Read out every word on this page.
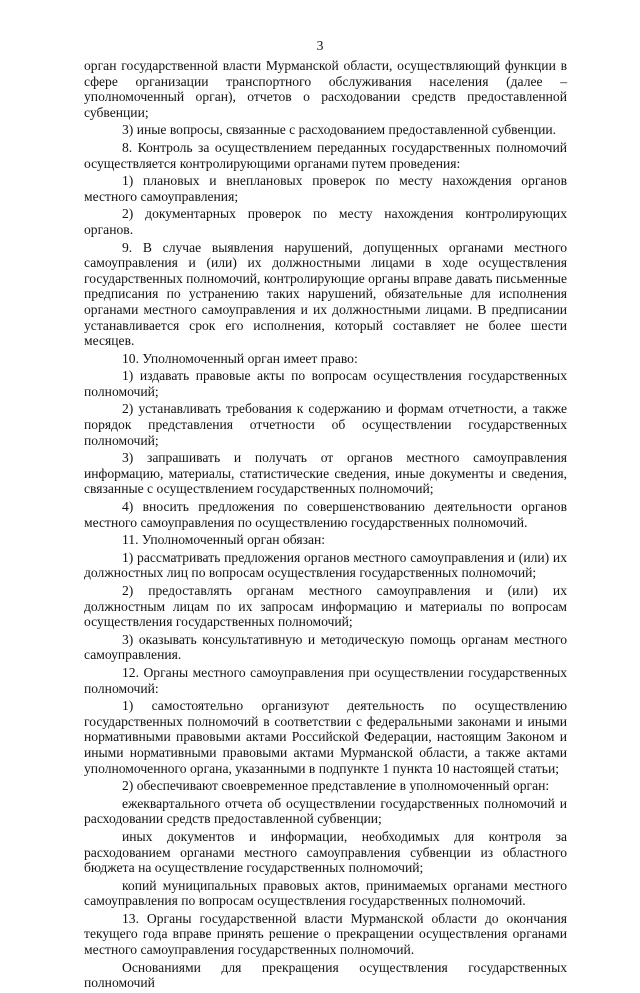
3

орган государственной власти Мурманской области, осуществляющий функции в сфере организации транспортного обслуживания населения (далее – уполномоченный орган), отчетов о расходовании средств предоставленной субвенции;

3) иные вопросы, связанные с расходованием предоставленной субвенции.

8. Контроль за осуществлением переданных государственных полномочий осуществляется контролирующими органами путем проведения:

1) плановых и внеплановых проверок по месту нахождения органов местного самоуправления;

2) документарных проверок по месту нахождения контролирующих органов.

9. В случае выявления нарушений, допущенных органами местного самоуправления и (или) их должностными лицами в ходе осуществления государственных полномочий, контролирующие органы вправе давать письменные предписания по устранению таких нарушений, обязательные для исполнения органами местного самоуправления и их должностными лицами. В предписании устанавливается срок его исполнения, который составляет не более шести месяцев.

10. Уполномоченный орган имеет право:

1) издавать правовые акты по вопросам осуществления государственных полномочий;

2) устанавливать требования к содержанию и формам отчетности, а также порядок представления отчетности об осуществлении государственных полномочий;

3) запрашивать и получать от органов местного самоуправления информацию, материалы, статистические сведения, иные документы и сведения, связанные с осуществлением государственных полномочий;

4) вносить предложения по совершенствованию деятельности органов местного самоуправления по осуществлению государственных полномочий.

11. Уполномоченный орган обязан:

1) рассматривать предложения органов местного самоуправления и (или) их должностных лиц по вопросам осуществления государственных полномочий;

2) предоставлять органам местного самоуправления и (или) их должностным лицам по их запросам информацию и материалы по вопросам осуществления государственных полномочий;

3) оказывать консультативную и методическую помощь органам местного самоуправления.

12. Органы местного самоуправления при осуществлении государственных полномочий:

1) самостоятельно организуют деятельность по осуществлению государственных полномочий в соответствии с федеральными законами и иными нормативными правовыми актами Российской Федерации, настоящим Законом и иными нормативными правовыми актами Мурманской области, а также актами уполномоченного органа, указанными в подпункте 1 пункта 10 настоящей статьи;

2) обеспечивают своевременное представление в уполномоченный орган:

ежеквартального отчета об осуществлении государственных полномочий и расходовании средств предоставленной субвенции;

иных документов и информации, необходимых для контроля за расходованием органами местного самоуправления субвенции из областного бюджета на осуществление государственных полномочий;

копий муниципальных правовых актов, принимаемых органами местного самоуправления по вопросам осуществления государственных полномочий.

13. Органы государственной власти Мурманской области до окончания текущего года вправе принять решение о прекращении осуществления органами местного самоуправления государственных полномочий.

Основаниями для прекращения осуществления государственных полномочий
